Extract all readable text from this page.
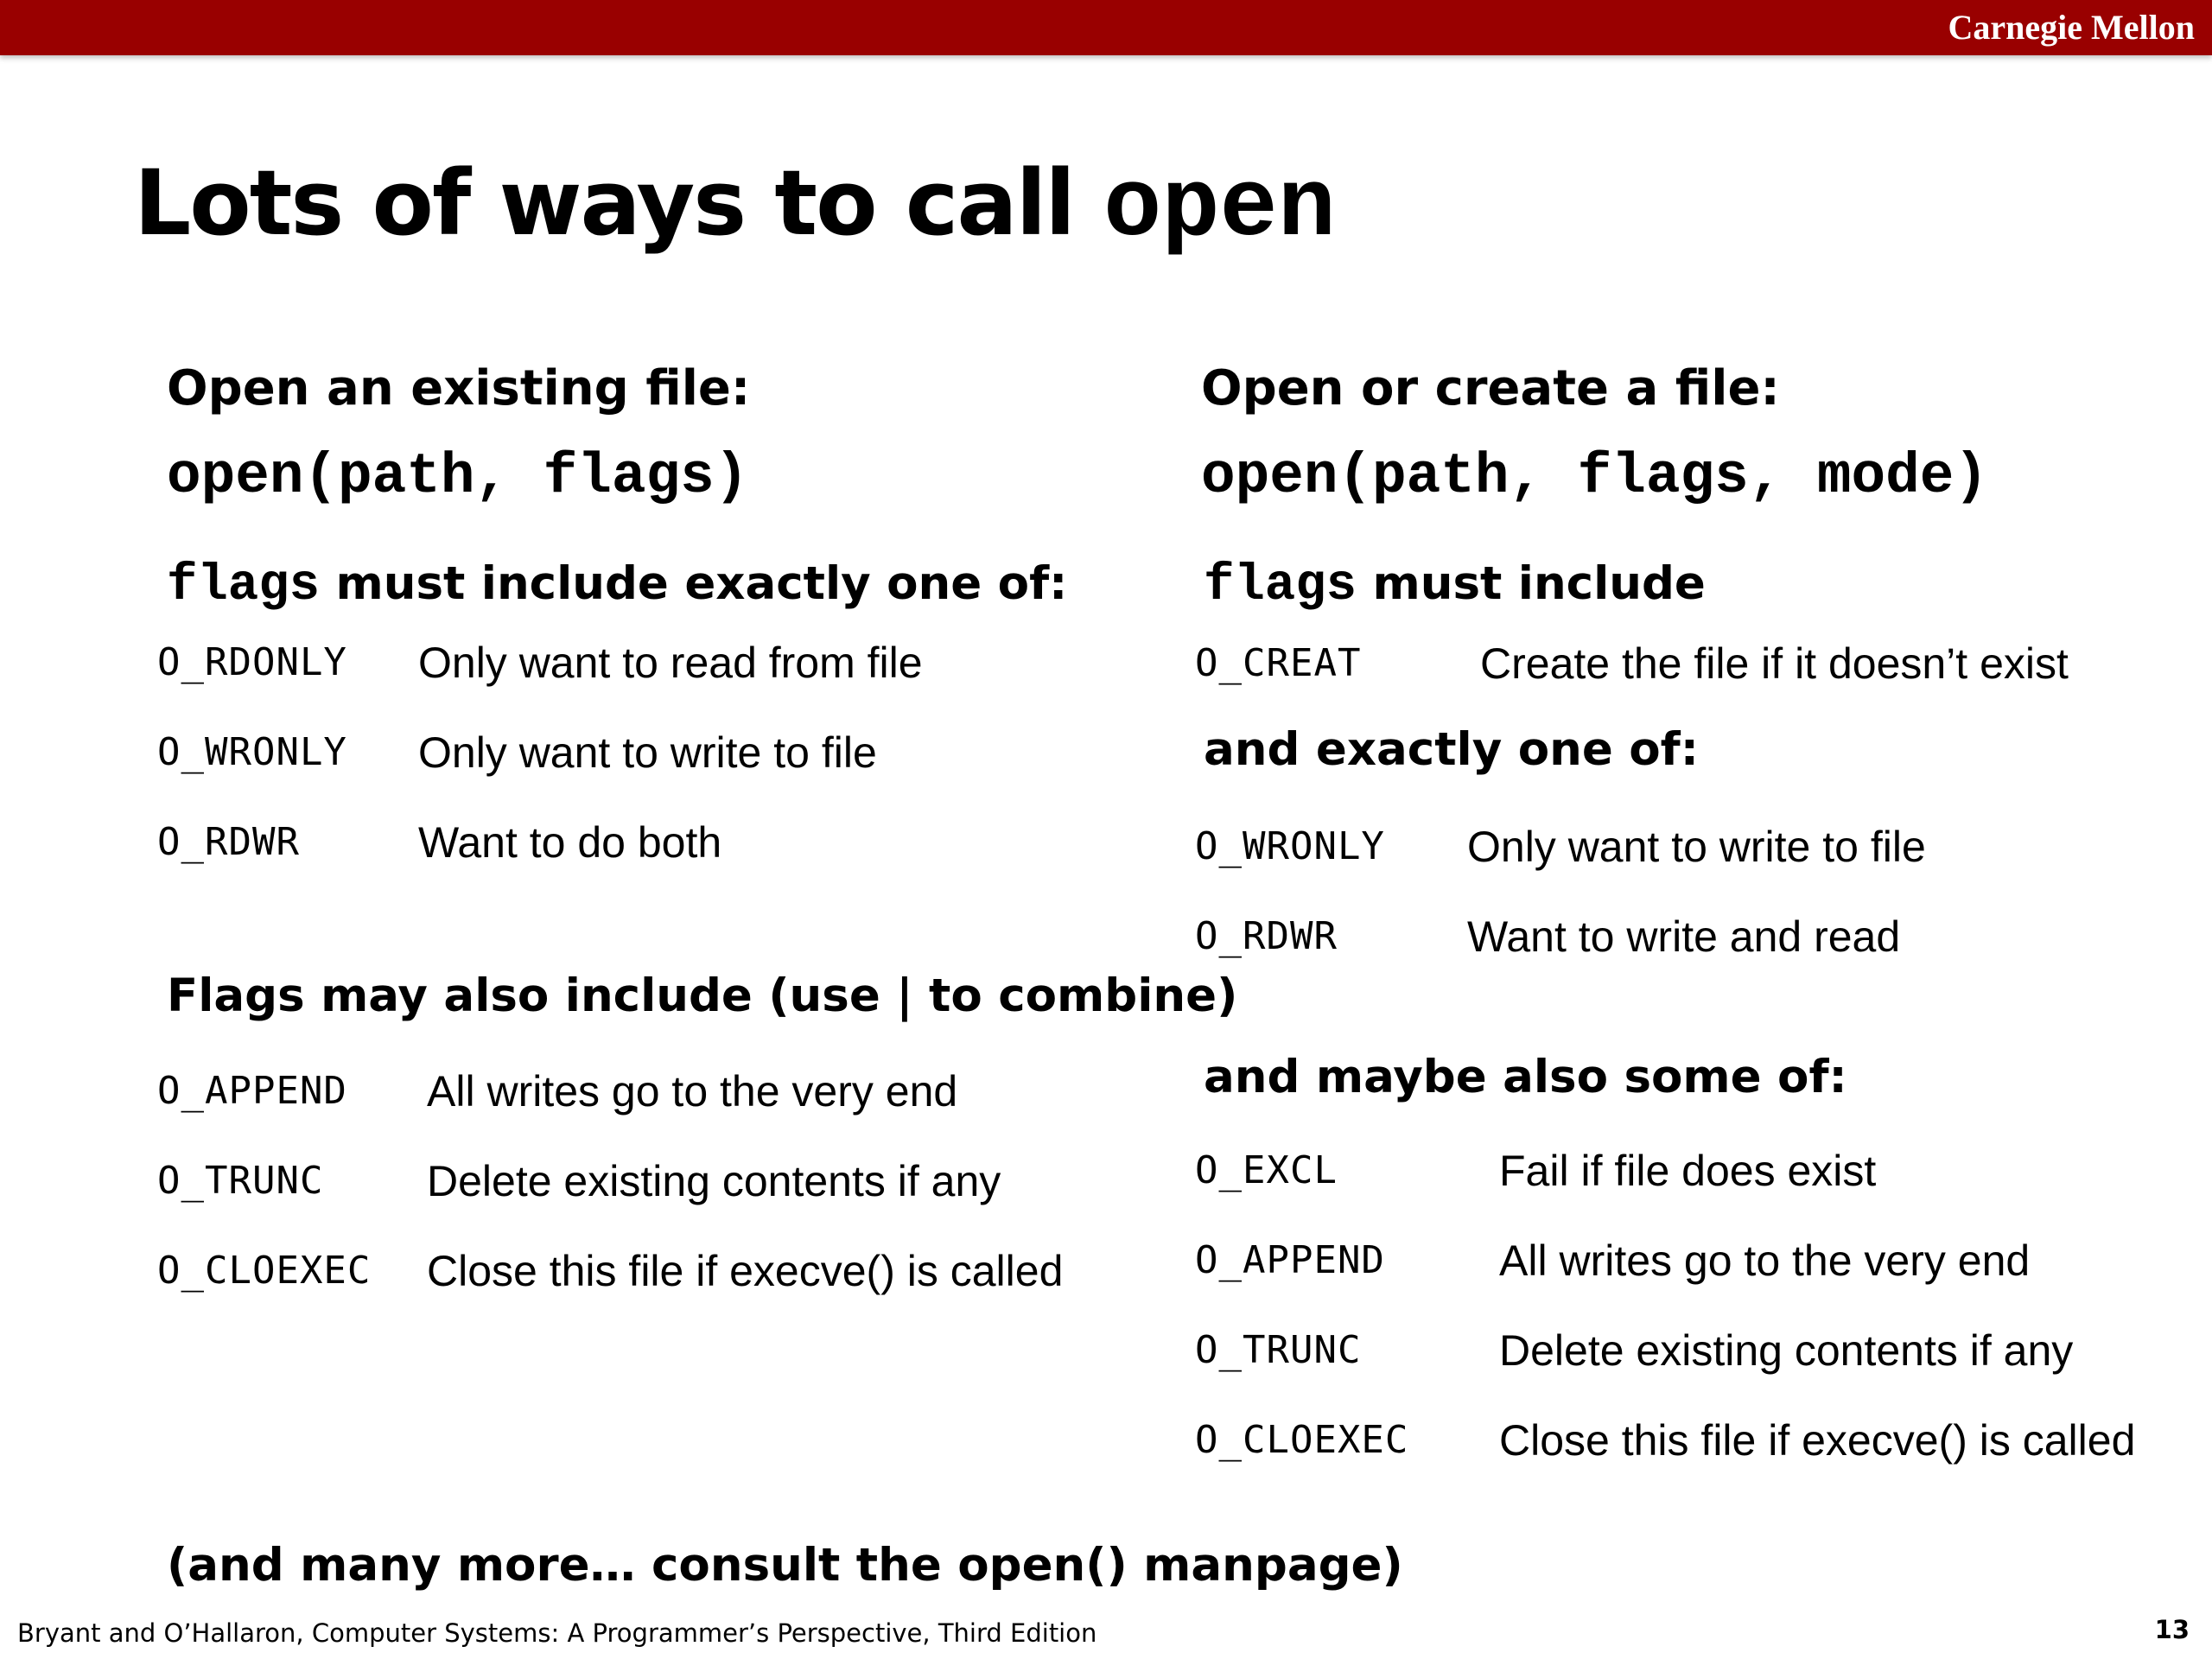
Carnegie Mellon
Lots of ways to call open
Open an existing file:
open(path, flags)
flags must include exactly one of:
O_RDONLY Only want to read from file
O_WRONLY Only want to write to file
O_RDWR	Want to do both
Flags may also include (use | to combine)
O_APPEND All writes go to the very end
O_TRUNC Delete existing contents if any
O_CLOEXEC Close this file if execve() is called
Open or create a file:
open(path, flags, mode)
flags must include
O_CREAT	Create the file if it doesn’t exist
and exactly one of:
O_WRONLY Only want to write to file
O_RDWR	Want to write and read
and maybe also some of:
O_EXCL	Fail if file does exist
O_APPEND	All writes go to the very end
O_TRUNC	Delete existing contents if any
O_CLOEXEC Close this file if execve() is called
(and many more… consult the open() manpage)
Bryant and O’Hallaron, Computer Systems: A Programmer’s Perspective, Third Edition	13
